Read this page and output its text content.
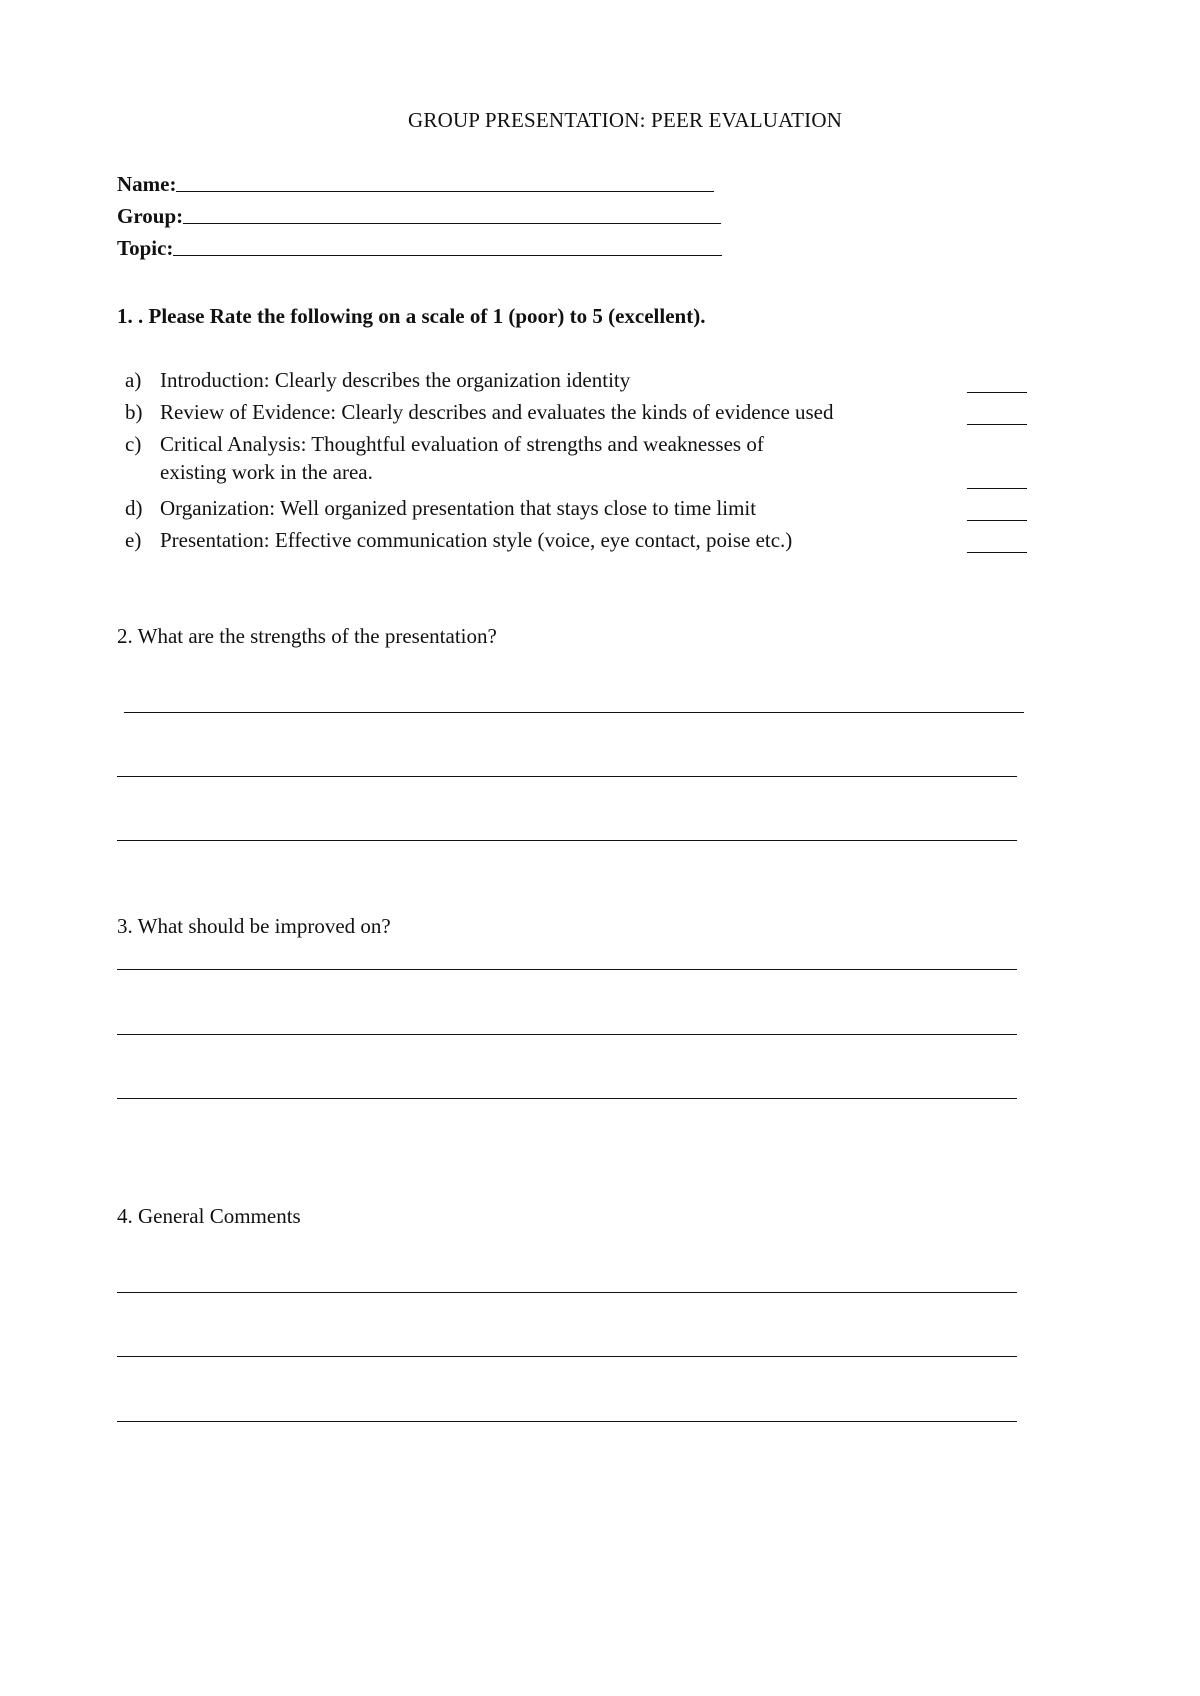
GROUP PRESENTATION: PEER EVALUATION
Name:
Group:
Topic:
1. . Please Rate the following on a scale of 1 (poor) to 5 (excellent).
a) Introduction: Clearly describes the organization identity
b) Review of Evidence: Clearly describes and evaluates the kinds of evidence used
c) Critical Analysis: Thoughtful evaluation of strengths and weaknesses of
existing work in the area.
d) Organization: Well organized presentation that stays close to time limit
e) Presentation: Effective communication style (voice, eye contact, poise etc.)
2. What are the strengths of the presentation?
3. What should be improved on?
4. General Comments
